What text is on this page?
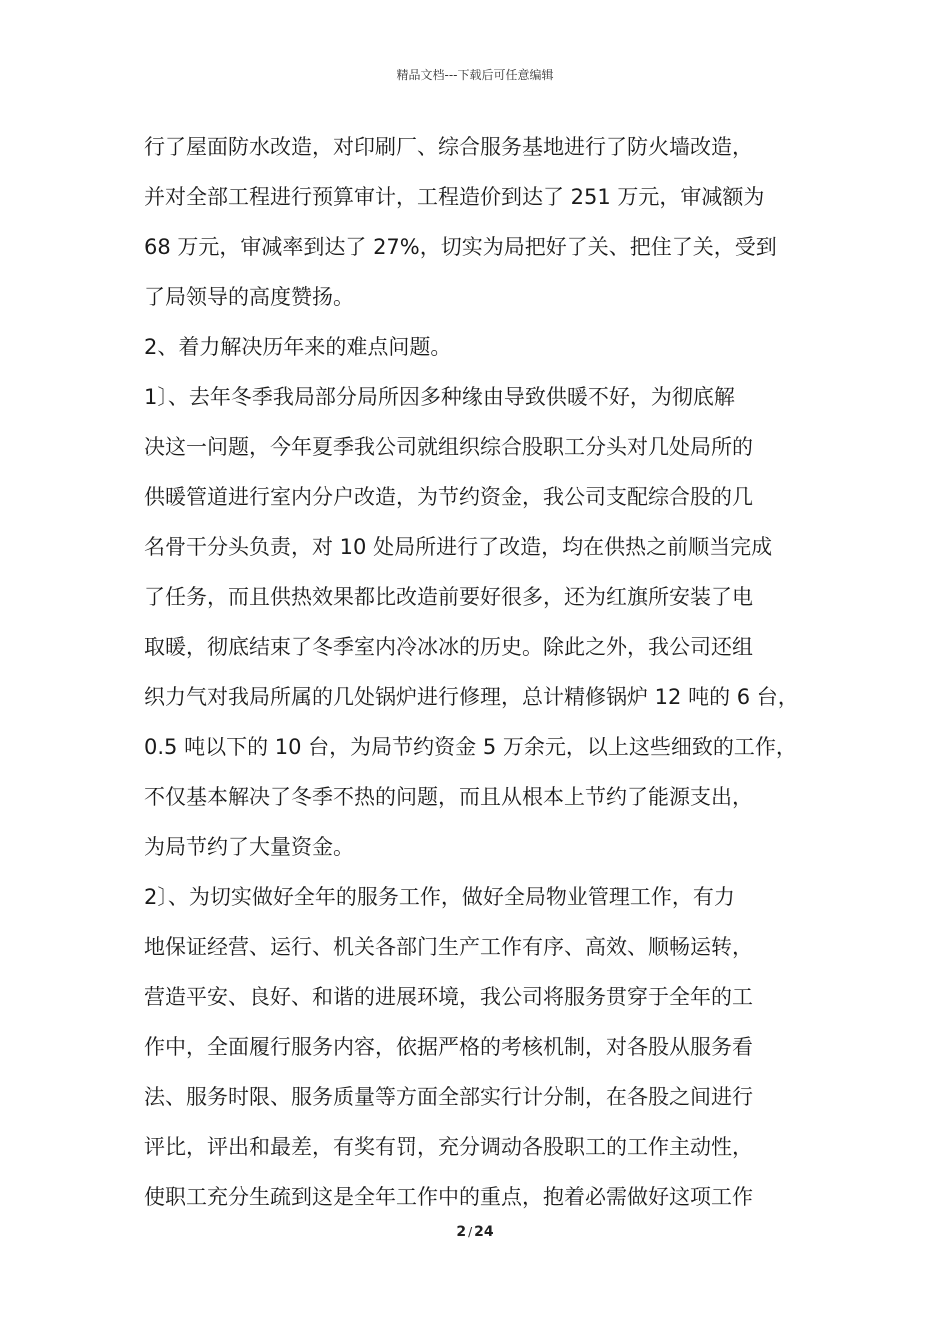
精品文档---下载后可任意编辑
行了屋面防水改造，对印刷厂、综合服务基地进行了防火墙改造，
并对全部工程进行预算审计，工程造价到达了 251 万元，审减额为
68 万元，审减率到达了 27%，切实为局把好了关、把住了关，受到
了局领导的高度赞扬。
2、着力解决历年来的难点问题。
1〕、去年冬季我局部分局所因多种缘由导致供暖不好，为彻底解
决这一问题，今年夏季我公司就组织综合股职工分头对几处局所的
供暖管道进行室内分户改造，为节约资金，我公司支配综合股的几
名骨干分头负责，对 10 处局所进行了改造，均在供热之前顺当完成
了任务，而且供热效果都比改造前要好很多，还为红旗所安装了电
取暖，彻底结束了冬季室内冷冰冰的历史。除此之外，我公司还组
织力气对我局所属的几处锅炉进行修理，总计精修锅炉 12 吨的 6 台，
0.5 吨以下的 10 台，为局节约资金 5 万余元，以上这些细致的工作，
不仅基本解决了冬季不热的问题，而且从根本上节约了能源支出，
为局节约了大量资金。
2〕、为切实做好全年的服务工作，做好全局物业管理工作，有力
地保证经营、运行、机关各部门生产工作有序、高效、顺畅运转，
营造平安、良好、和谐的进展环境，我公司将服务贯穿于全年的工
作中，全面履行服务内容，依据严格的考核机制，对各股从服务看
法、服务时限、服务质量等方面全部实行计分制，在各股之间进行
评比，评出和最差，有奖有罚，充分调动各股职工的工作主动性，
使职工充分生疏到这是全年工作中的重点，抱着必需做好这项工作
2 / 24
